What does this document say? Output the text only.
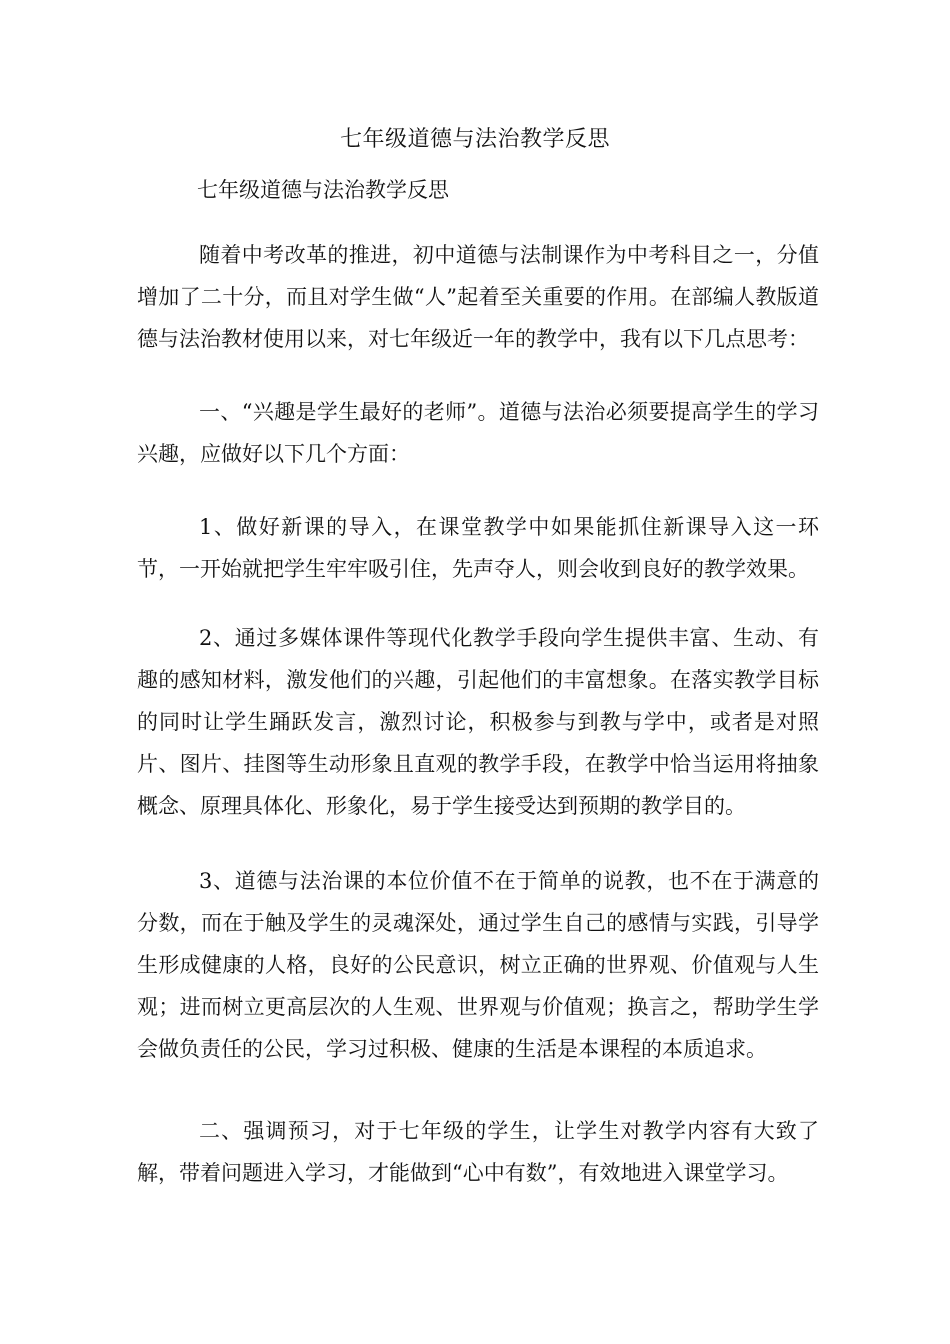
七年级道德与法治教学反思
七年级道德与法治教学反思

随着中考改革的推进，初中道德与法制课作为中考科目之一，分值增加了二十分，而且对学生做“人”起着至关重要的作用。在部编人教版道德与法治教材使用以来，对七年级近一年的教学中，我有以下几点思考：

一、“兴趣是学生最好的老师”。道德与法治必须要提高学生的学习兴趣，应做好以下几个方面：

1、做好新课的导入，在课堂教学中如果能抓住新课导入这一环节，一开始就把学生牢牢吸引住，先声夺人，则会收到良好的教学效果。

2、通过多媒体课件等现代化教学手段向学生提供丰富、生动、有趣的感知材料，激发他们的兴趣，引起他们的丰富想象。在落实教学目标的同时让学生踊跃发言，激烈讨论，积极参与到教与学中，或者是对照片、图片、挂图等生动形象且直观的教学手段，在教学中恰当运用将抽象概念、原理具体化、形象化，易于学生接受达到预期的教学目的。

3、道德与法治课的本位价值不在于简单的说教，也不在于满意的分数，而在于触及学生的灵魂深处，通过学生自己的感情与实践，引导学生形成健康的人格，良好的公民意识，树立正确的世界观、价值观与人生观；进而树立更高层次的人生观、世界观与价值观；换言之，帮助学生学会做负责任的公民，学习过积极、健康的生活是本课程的本质追求。

二、强调预习，对于七年级的学生，让学生对教学内容有大致了解，带着问题进入学习，才能做到“心中有数”，有效地进入课堂学习。
